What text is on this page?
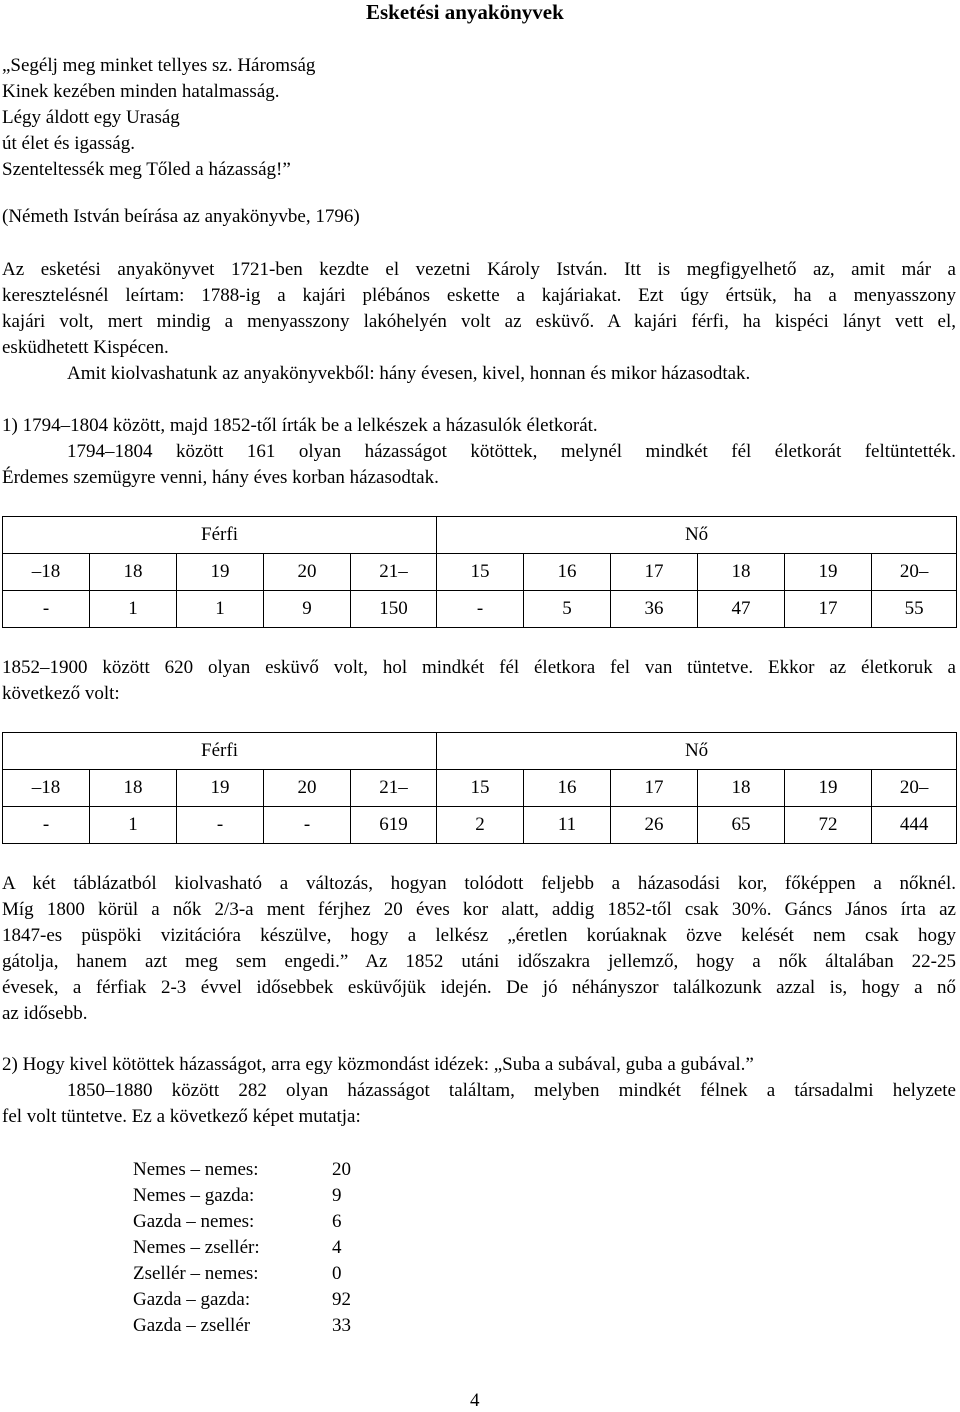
Esketési anyakönyvek
„Segélj meg minket tellyes sz. Háromság
Kinek kezében minden hatalmasság.
Légy áldott egy Uraság
út élet és igasság.
Szenteltessék meg Tőled a házasság!”
(Németh István beírása az anyakönyvbe, 1796)
Az esketési anyakönyvet 1721-ben kezdte el vezetni Károly István. Itt is megfigyelhető az, amit már a
keresztelésnél leírtam: 1788-ig a kajári plébános eskette a kajáriakat. Ezt úgy értsük, ha a menyasszony
kajári volt, mert mindig a menyasszony lakóhelyén volt az esküvő. A kajári férfi, ha kispéci lányt vett el,
esküdhetett Kispécen.
Amit kiolvashatunk az anyakönyvekből: hány évesen, kivel, honnan és mikor házasodtak.
1) 1794–1804 között, majd 1852-től írták be a lelkészek a házasulók életkorát.
1794–1804 között 161 olyan házasságot kötöttek, melynél mindkét fél életkorát feltüntették.
Érdemes szemügyre venni, hány éves korban házasodtak.
Férfi					Nő					
–18	18	19	20	21–	15	16	17	18	19	20–
-	1	1	9	150	-	5	36	47	17	55
1852–1900 között 620 olyan esküvő volt, hol mindkét fél életkora fel van tüntetve. Ekkor az életkoruk a
következő volt:
Férfi					Nő					
–18	18	19	20	21–	15	16	17	18	19	20–
-	1	-	-	619	2	11	26	65	72	444
A két táblázatból kiolvasható a változás, hogyan tolódott feljebb a házasodási kor, főképpen a nőknél.
Míg 1800 körül a nők 2/3-a ment férjhez 20 éves kor alatt, addig 1852-től csak 30%. Gáncs János írta az
1847-es püspöki vizitációra készülve, hogy a lelkész „éretlen korúaknak özve kelését nem csak hogy
gátolja, hanem azt meg sem engedi.” Az 1852 utáni időszakra jellemző, hogy a nők általában 22-25
évesek, a férfiak 2-3 évvel idősebbek esküvőjük idején. De jó néhányszor találkozunk azzal is, hogy a nő
az idősebb.
2) Hogy kivel kötöttek házasságot, arra egy közmondást idézek: „Suba a subával, guba a gubával.”
1850–1880 között 282 olyan házasságot találtam, melyben mindkét félnek a társadalmi helyzete
fel volt tüntetve. Ez a következő képet mutatja:
Nemes – nemes:	20
Nemes – gazda:	9
Gazda – nemes:	6
Nemes – zsellér:	4
Zsellér – nemes:	0
Gazda – gazda:	92
Gazda – zsellér	33
4
